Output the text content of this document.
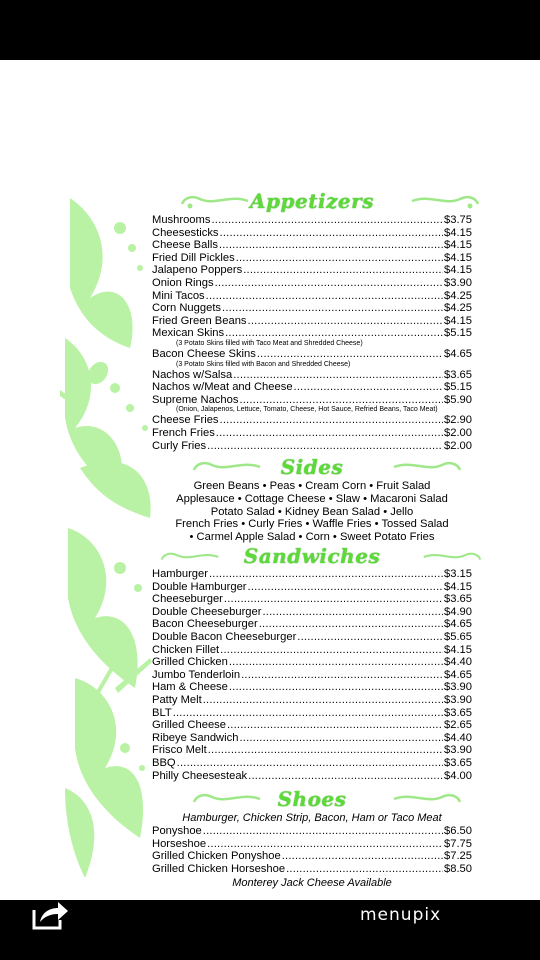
Appetizers
Mushrooms .....	$3.75
Cheesesticks .....	$4.15
Cheese Balls .....	$4.15
Fried Dill Pickles .....	$4.15
Jalapeno Poppers .....	$4.15
Onion Rings .....	$3.90
Mini Tacos .....	$4.25
Corn Nuggets .....	$4.25
Fried Green Beans .....	$4.15
Mexican Skins .....	$5.15
(3 Potato Skins filled with Taco Meat and Shredded Cheese)
Bacon Cheese Skins .....	$4.65
(3 Potato Skins filled with Bacon and Shredded Cheese)
Nachos w/Salsa .....	$3.65
Nachos w/Meat and Cheese .....	$5.15
Supreme Nachos .....	$5.90
(Onion, Jalapenos, Lettuce, Tomato, Cheese, Hot Sauce, Refried Beans, Taco Meat)
Cheese Fries .....	$2.90
French Fries .....	$2.00
Curly Fries .....	$2.00
Sides
Green Beans • Peas • Cream Corn • Fruit Salad
Applesauce • Cottage Cheese • Slaw • Macaroni Salad
Potato Salad • Kidney Bean Salad • Jello
French Fries • Curly Fries • Waffle Fries • Tossed Salad
• Carmel Apple Salad • Corn • Sweet Potato Fries
Sandwiches
Hamburger .....	$3.15
Double Hamburger .....	$4.15
Cheeseburger .....	$3.65
Double Cheeseburger .....	$4.90
Bacon Cheeseburger .....	$4.65
Double Bacon Cheeseburger .....	$5.65
Chicken Fillet .....	$4.15
Grilled Chicken .....	$4.40
Jumbo Tenderloin .....	$4.65
Ham & Cheese .....	$3.90
Patty Melt .....	$3.90
BLT .....	$3.65
Grilled Cheese .....	$2.65
Ribeye Sandwich .....	$4.40
Frisco Melt .....	$3.90
BBQ .....	$3.65
Philly Cheesesteak .....	$4.00
Shoes
Hamburger, Chicken Strip, Bacon, Ham or Taco Meat
Ponyshoe .....	$6.50
Horseshoe .....	$7.75
Grilled Chicken Ponyshoe .....	$7.25
Grilled Chicken Horseshoe .....	$8.50
Monterey Jack Cheese Available
menupix
